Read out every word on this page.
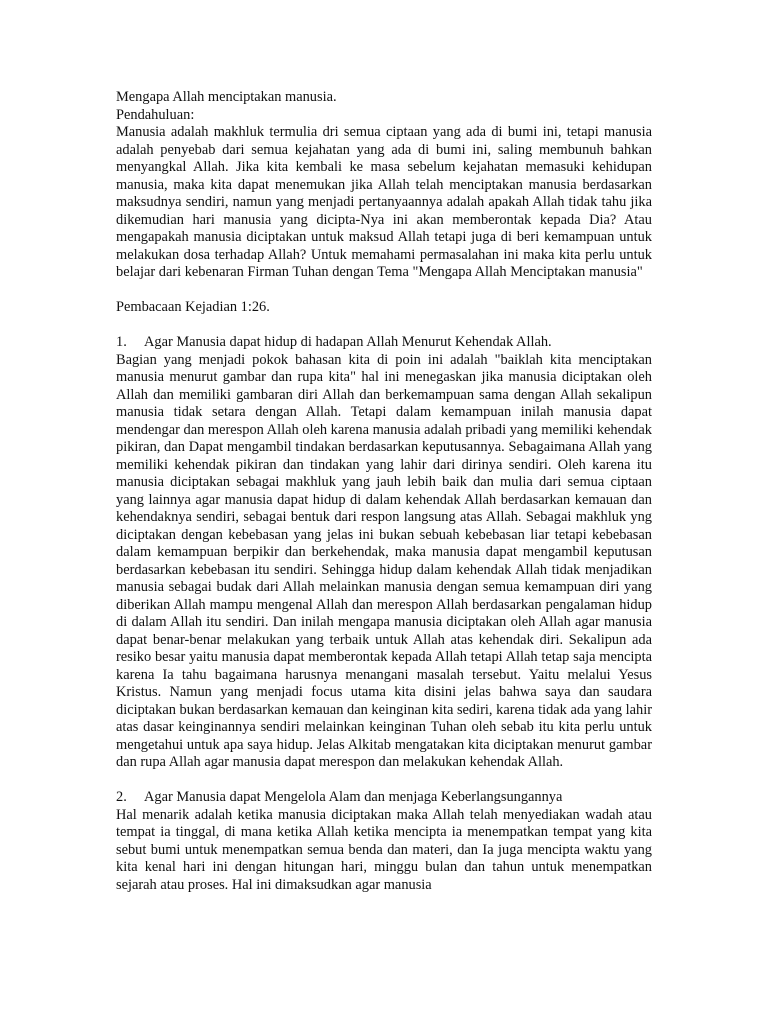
Mengapa Allah menciptakan manusia.

Pendahuluan:

Manusia adalah makhluk termulia dri semua ciptaan yang ada di bumi ini, tetapi manusia adalah penyebab dari semua kejahatan yang ada di bumi ini, saling membunuh bahkan menyangkal Allah. Jika kita kembali ke masa sebelum kejahatan memasuki kehidupan manusia, maka kita dapat menemukan jika Allah telah menciptakan manusia berdasarkan maksudnya sendiri, namun yang menjadi pertanyaannya adalah apakah Allah tidak tahu jika dikemudian hari manusia yang dicipta-Nya ini akan memberontak kepada Dia? Atau mengapakah manusia diciptakan untuk maksud Allah tetapi juga di beri kemampuan untuk melakukan dosa terhadap Allah? Untuk memahami permasalahan ini maka kita perlu untuk belajar dari kebenaran Firman Tuhan dengan Tema "Mengapa Allah Menciptakan manusia"

Pembacaan Kejadian 1:26.

1. Agar Manusia dapat hidup di hadapan Allah Menurut Kehendak Allah.

Bagian yang menjadi pokok bahasan kita di poin ini adalah "baiklah kita menciptakan manusia menurut gambar dan rupa kita" hal ini menegaskan jika manusia diciptakan oleh Allah dan memiliki gambaran diri Allah dan berkemampuan sama dengan Allah sekalipun manusia tidak setara dengan Allah. Tetapi dalam kemampuan inilah manusia dapat mendengar dan merespon Allah oleh karena manusia adalah pribadi yang memiliki kehendak pikiran, dan Dapat mengambil tindakan berdasarkan keputusannya. Sebagaimana Allah yang memiliki kehendak pikiran dan tindakan yang lahir dari dirinya sendiri. Oleh karena itu manusia diciptakan sebagai makhluk yang jauh lebih baik dan mulia dari semua ciptaan yang lainnya agar manusia dapat hidup di dalam kehendak Allah berdasarkan kemauan dan kehendaknya sendiri, sebagai bentuk dari respon langsung atas Allah. Sebagai makhluk yng diciptakan dengan kebebasan yang jelas ini bukan sebuah kebebasan liar tetapi kebebasan dalam kemampuan berpikir dan berkehendak, maka manusia dapat mengambil keputusan berdasarkan kebebasan itu sendiri. Sehingga hidup dalam kehendak Allah tidak menjadikan manusia sebagai budak dari Allah melainkan manusia dengan semua kemampuan diri yang diberikan Allah mampu mengenal Allah dan merespon Allah berdasarkan pengalaman hidup di dalam Allah itu sendiri. Dan inilah mengapa manusia diciptakan oleh Allah agar manusia dapat benar-benar melakukan yang terbaik untuk Allah atas kehendak diri. Sekalipun ada resiko besar yaitu manusia dapat memberontak kepada Allah tetapi Allah tetap saja mencipta karena Ia tahu bagaimana harusnya menangani masalah tersebut. Yaitu melalui Yesus Kristus. Namun yang menjadi focus utama kita disini jelas bahwa saya dan saudara diciptakan bukan berdasarkan kemauan dan keinginan kita sediri, karena tidak ada yang lahir atas dasar keinginannya sendiri melainkan keinginan Tuhan oleh sebab itu kita perlu untuk mengetahui untuk apa saya hidup. Jelas Alkitab mengatakan kita diciptakan menurut gambar dan rupa Allah agar manusia dapat merespon dan melakukan kehendak Allah.

2. Agar Manusia dapat Mengelola Alam dan menjaga Keberlangsungannya

Hal menarik adalah ketika manusia diciptakan maka Allah telah menyediakan wadah atau tempat ia tinggal, di mana ketika Allah ketika mencipta ia menempatkan tempat yang kita sebut bumi untuk menempatkan semua benda dan materi, dan Ia juga mencipta waktu yang kita kenal hari ini dengan hitungan hari, minggu bulan dan tahun untuk menempatkan sejarah atau proses. Hal ini dimaksudkan agar manusia
